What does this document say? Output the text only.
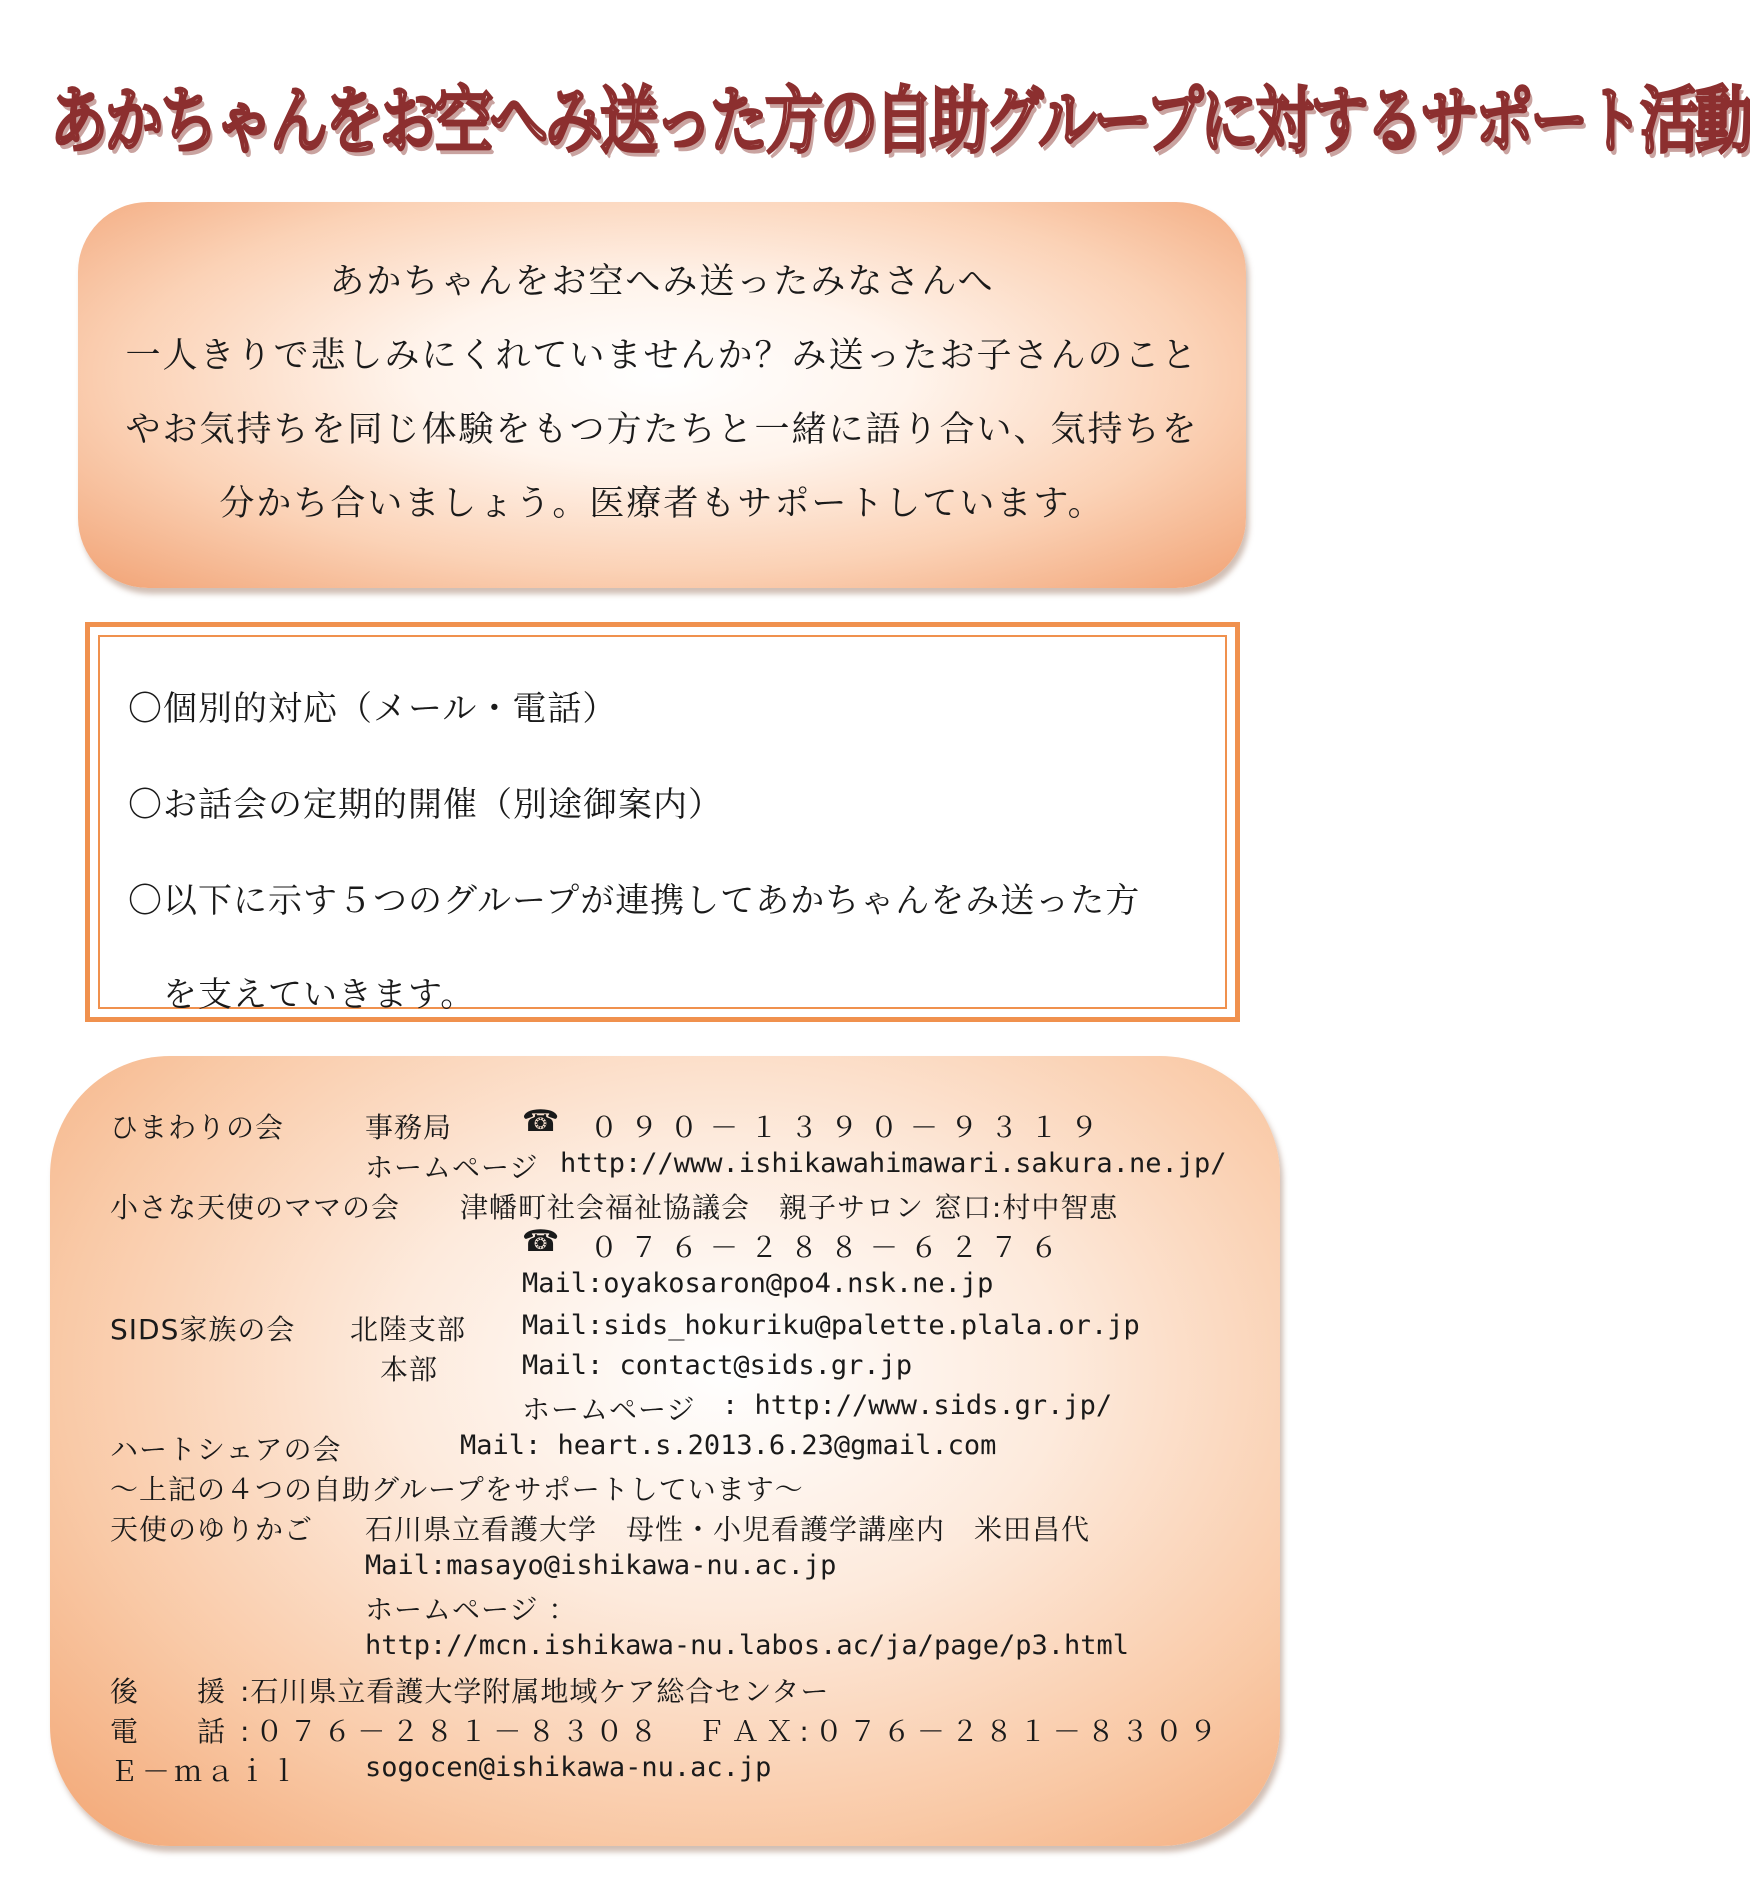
あかちゃんをお空へみ送った方の自助グループに対するサポート活動
あかちゃんをお空へみ送ったみなさんへ
一人きりで悲しみにくれていませんか？み送ったお子さんのこと
やお気持ちを同じ体験をもつ方たちと一緒に語り合い、気持ちを
分かち合いましょう。医療者もサポートしています。
〇個別的対応（メール・電話）
〇お話会の定期的開催（別途御案内）
〇以下に示す５つのグループが連携してあかちゃんをみ送った方
を支えていきます。
ひまわりの会	事務局 ☎ ０９０－１３９０－９３１９
ホームページ http://www.ishikawahimawari.sakura.ne.jp/
小さな天使のママの会 津幡町社会福祉協議会　親子サロン 窓口:村中智恵
☎ ０７６－２８８－６２７６
Mail:oyakosaron@po4.nsk.ne.jp
SIDS家族の会 北陸支部 Mail:sids_hokuriku@palette.plala.or.jp
本部	Mail: contact@sids.gr.jp
ホームページ : http://www.sids.gr.jp/
ハートシェアの会	Mail: heart.s.2013.6.23@gmail.com
～上記の４つの自助グループをサポートしています～
天使のゆりかご 石川県立看護大学　母性・小児看護学講座内　米田昌代
Mail:masayo@ishikawa-nu.ac.jp
ホームページ ：
http://mcn.ishikawa-nu.labos.ac/ja/page/p3.html
後　　援 :石川県立看護大学附属地域ケア総合センター
電　　話 :０７６－２８１－８３０８　ＦＡＸ:０７６－２８１－８３０９
Ｅ－ｍａｉｌ sogocen@ishikawa-nu.ac.jp
